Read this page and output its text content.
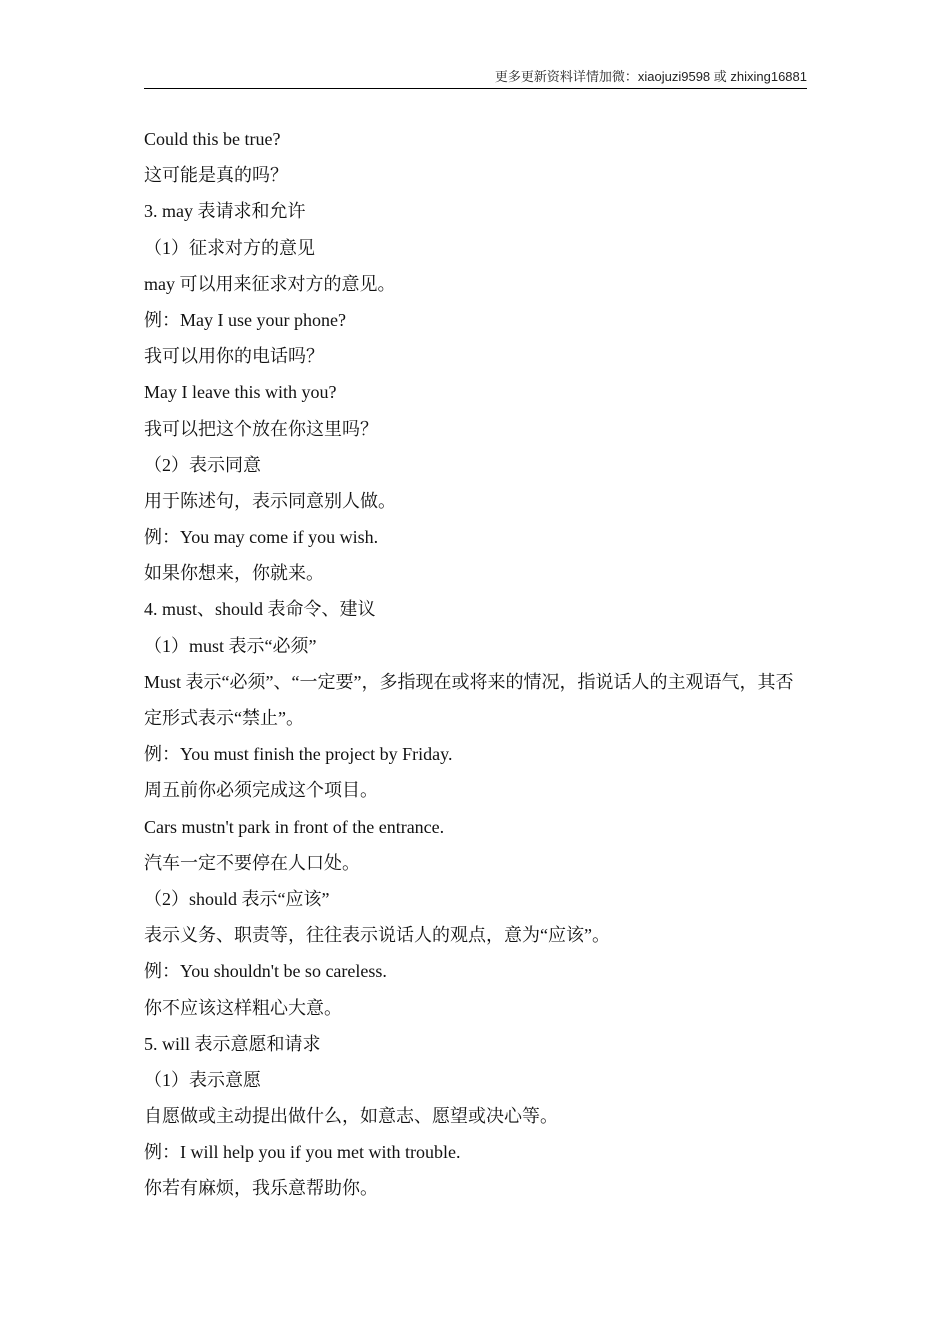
更多更新资料详情加微：xiaojuzi9598 或 zhixing16881
Could this be true?
这可能是真的吗？
3. may 表请求和允许
（1）征求对方的意见
may 可以用来征求对方的意见。
例：May I use your phone?
我可以用你的电话吗？
May I leave this with you?
我可以把这个放在你这里吗？
（2）表示同意
用于陈述句，表示同意别人做。
例：You may come if you wish.
如果你想来，你就来。
4. must、should 表命令、建议
（1）must 表示“必须”
Must 表示“必须”、“一定要”，多指现在或将来的情况，指说话人的主观语气，其否定形式表示“禁止”。
例：You must finish the project by Friday.
周五前你必须完成这个项目。
Cars mustn't park in front of the entrance.
汽车一定不要停在人口处。
（2）should 表示“应该”
表示义务、职责等，往往表示说话人的观点，意为“应该”。
例：You shouldn't be so careless.
你不应该这样粗心大意。
5. will 表示意愿和请求
（1）表示意愿
自愿做或主动提出做什么，如意志、愿望或决心等。
例：I will help you if you met with trouble.
你若有麻烦，我乐意帮助你。
